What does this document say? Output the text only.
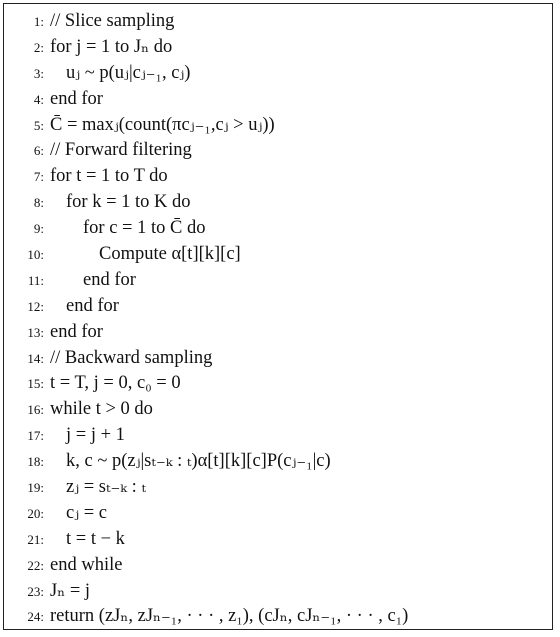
1: // Slice sampling
2: for j = 1 to Jₙ do
3: uⱼ ~ p(uⱼ|cⱼ₋₁, cⱼ)
4: end for
5: C̄ = maxⱼ(count(πcⱼ₋₁,cⱼ > uⱼ))
6: // Forward filtering
7: for t = 1 to T do
8: for k = 1 to K do
9: for c = 1 to C̄ do
10:	Compute α[t][k][c]
11: end for
12: end for
13: end for
14: // Backward sampling
15: t = T, j = 0, c₀ = 0
16: while t > 0 do
17: j = j + 1
18: k, c ~ p(zⱼ|sₜ₋ₖ : ₜ)α[t][k][c]P(cⱼ₋₁|c)
19: zⱼ = sₜ₋ₖ : ₜ
20: cⱼ = c
21: t = t − k
22: end while
23: Jₙ = j
24: return (zJₙ, zJₙ₋₁, · · · , z₁), (cJₙ, cJₙ₋₁, · · · , c₁)
